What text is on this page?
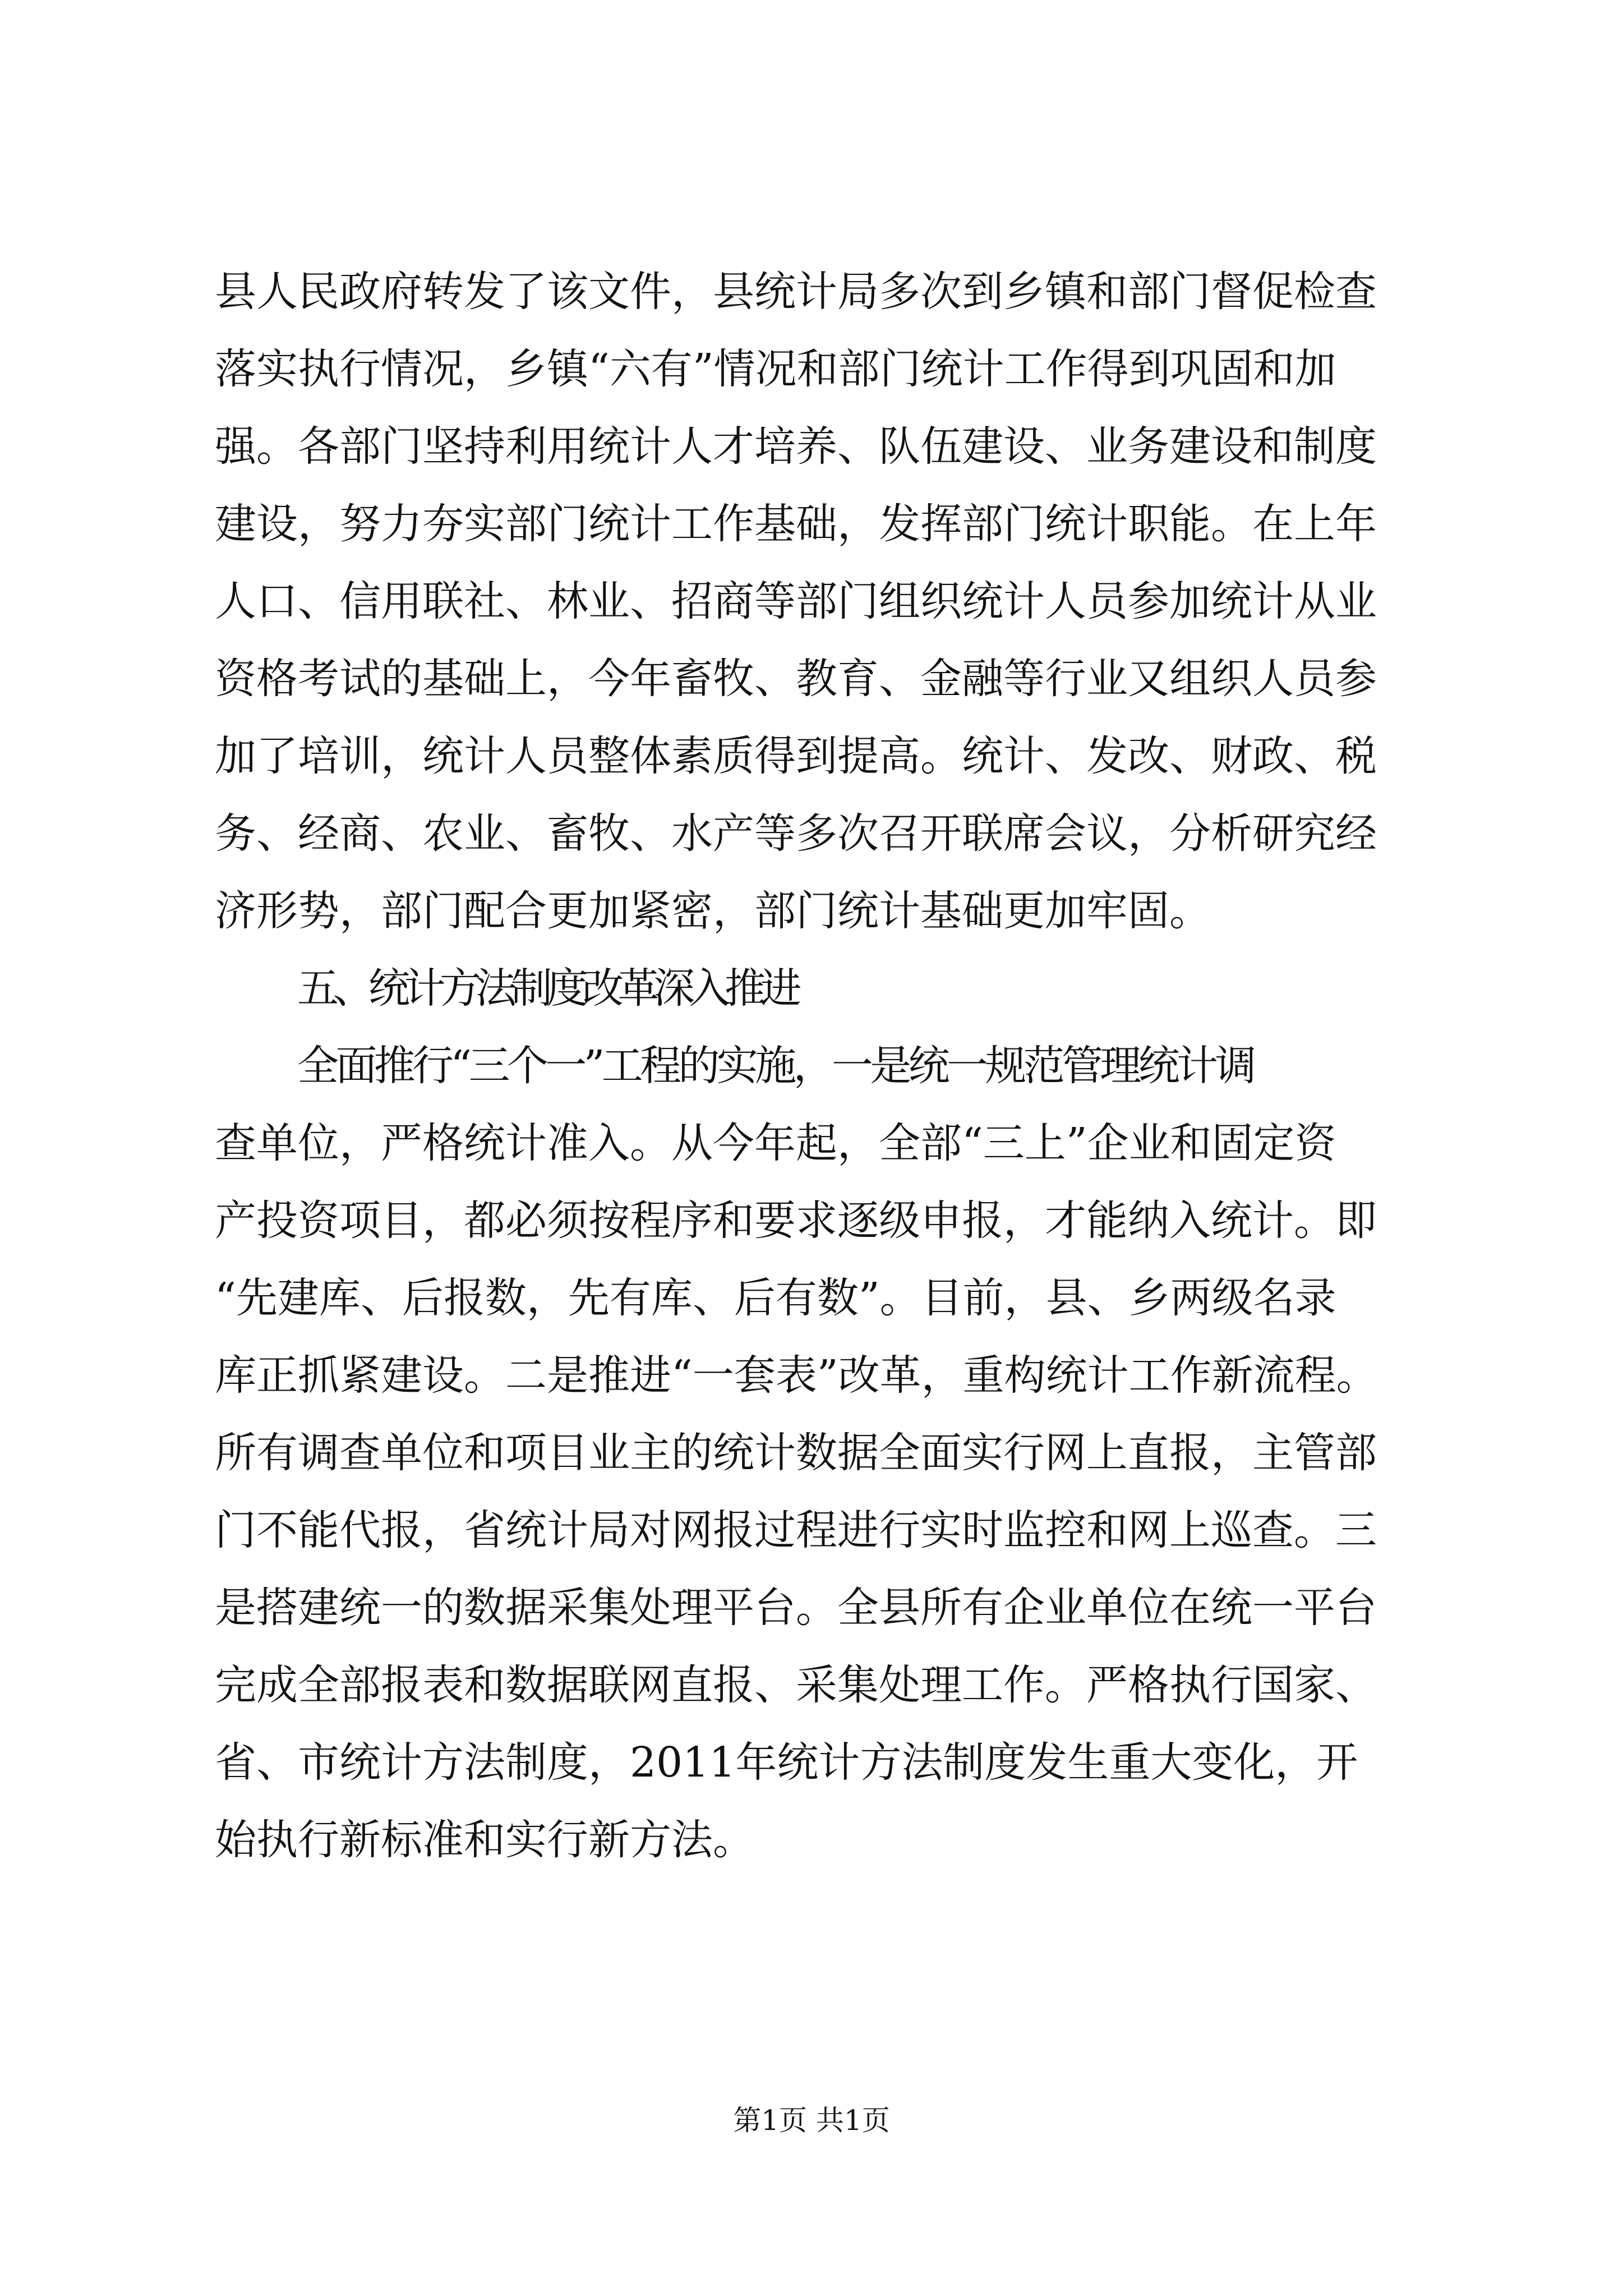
县人民政府转发了该文件，县统计局多次到乡镇和部门督促检查

落实执行情况，乡镇“六有”情况和部门统计工作得到巩固和加

强。各部门坚持利用统计人才培养、队伍建设、业务建设和制度

建设，努力夯实部门统计工作基础，发挥部门统计职能。在上年

人口、信用联社、林业、招商等部门组织统计人员参加统计从业

资格考试的基础上，今年畜牧、教育、金融等行业又组织人员参

加了培训，统计人员整体素质得到提高。统计、发改、财政、税

务、经商、农业、畜牧、水产等多次召开联席会议，分析研究经

济形势，部门配合更加紧密，部门统计基础更加牢固。

五、统计方法制度改革深入推进

全面推行“三个一”工程的实施，一是统一规范管理统计调

查单位，严格统计准入。从今年起，全部“三上”企业和固定资

产投资项目，都必须按程序和要求逐级申报，才能纳入统计。即

“先建库、后报数，先有库、后有数”。目前，县、乡两级名录

库正抓紧建设。二是推进“一套表”改革，重构统计工作新流程。

所有调查单位和项目业主的统计数据全面实行网上直报，主管部

门不能代报，省统计局对网报过程进行实时监控和网上巡查。三

是搭建统一的数据采集处理平台。全县所有企业单位在统一平台

完成全部报表和数据联网直报、采集处理工作。严格执行国家、

省、市统计方法制度，2011年统计方法制度发生重大变化，开

始执行新标准和实行新方法。

第1页 共1页
